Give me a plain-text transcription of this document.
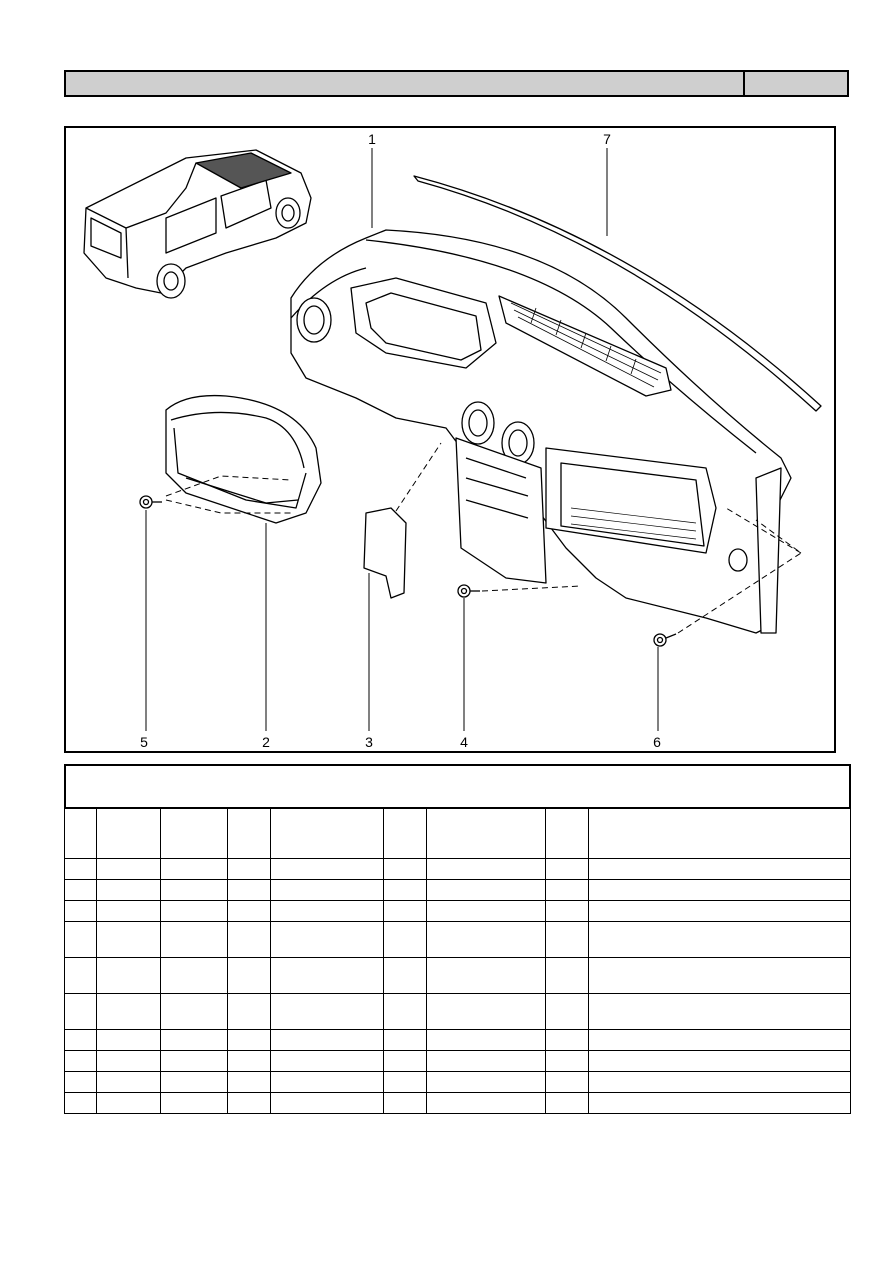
1	7
5	2	3	4	6
